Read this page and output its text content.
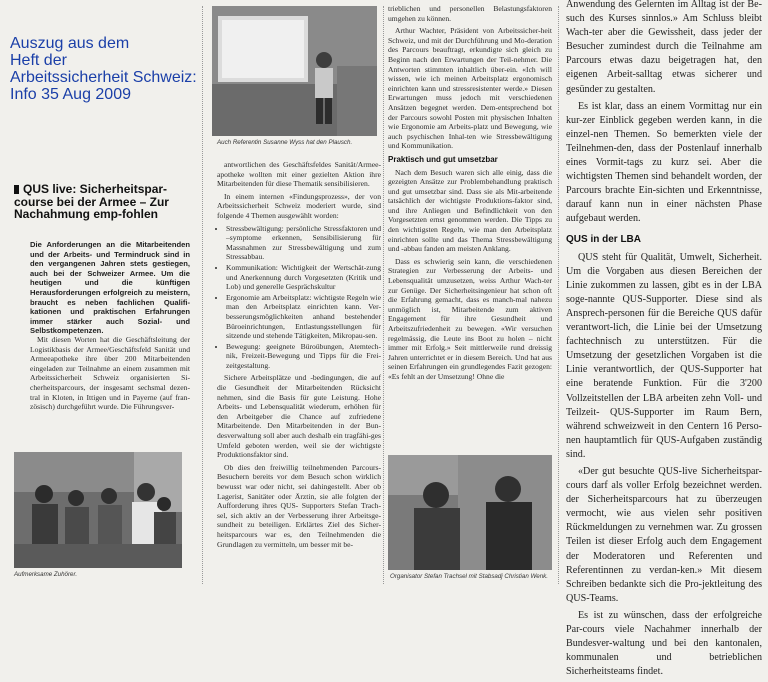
Auszug aus dem
Heft der
Arbeitssicherheit Schweiz:
Info 35 Aug 2009
QUS live: Sicherheitspar-course bei der Armee – Zur Nachahmung emp-fohlen
Die Anforderungen an die Mitarbeitenden und der Arbeits- und Termindruck sind in den vergangenen Jahren stets gestiegen, auch bei der Schweizer Armee. Um die heutigen und die künftigen Herausforderungen erfolgreich zu meistern, braucht es neben fachlichen Qualifi-kationen und praktischen Erfahrungen immer stärker auch Sozial- und Selbstkompetenzen.

Mit diesen Worten hat die Geschäftsleitung der Logistikbasis der Armee/Geschäftsfeld Sanität und Armeeapotheke ihre über 200 Mitarbeitenden eingeladen zur Teilnahme an einem zusammen mit Arbeitssicherheit Schweiz organisierten Si-cherheitsparcours, der insgesamt sechsmal dezen-tral in Kloten, in Ittigen und in Payerne (auf fran-zösisch) durchgeführt wurde. Die Führungsver-

Aufmerksame Zuhörer.
Auch Referentin Susanne Wyss hat den Plausch.

antwortlichen des Geschäftsfeldes Sanität/Armee-apotheke wollten mit einer gezielten Aktion ihre Mitarbeitenden für diese Thematik sensibilisieren.

In einem internen «Findungsprozess», der von Arbeitssicherheit Schweiz moderiert wurde, sind folgende 4 Themen ausgewählt worden:

• Stressbewältigung: persönliche Stressfaktoren und –symptome erkennen, Sensibilisierung für Massnahmen zur Stressbewältigung und zum Stressabbau.
• Kommunikation: Wichtigkeit der Wertschät-zung und Anerkennung durch Vorgesetzten (Kritik und Lob) und generelle Gesprächskultur
• Ergonomie am Arbeitsplatz: wichtigste Regeln wie man den Arbeitsplatz einrichten kann. Ver-besserungsmöglichkeiten anhand bestehender Büroeinrichtungen, Entlastungsstellungen für sitzende und stehende Tätigkeiten, Mikropau-sen.
• Bewegung: geeignete Büroübungen, Atemtech-nik, Freizeit-Bewegung und Tipps für die Frei-zeitgestaltung.

Sichere Arbeitsplätze und -bedingungen, die auf die Gesundheit der Mitarbeitenden Rücksicht nehmen, sind die Basis für gute Leistung. Hohe Arbeits- und Lebensqualität wiederum, erhöhen für den Arbeitgeber die Chance auf zufriedene Mitarbeitende. Den Mitarbeitenden in der Bun-desverwaltung soll aber auch deshalb ein tragfähi-ges Umfeld geboten werden, weil sie der wichtigste Produktionsfaktor sind.

Ob dies den freiwillig teilnehmenden Parcours-Besuchern bereits vor dem Besuch schon wirklich bewusst war oder nicht, sei dahingestellt. Aber ob Lagerist, Sanitäter oder Ärztin, sie alle folgten der Aufforderung ihres QUS- Supporters Stefan Trach-sel, sich aktiv an der Verbesserung ihrer Arbeitsge-sundheit zu beteiligen. Erklärtes Ziel des Sicher-heitsparcours war es, den Teilnehmenden die Grundlagen zu vermitteln, um besser mit be-

trieblichen und personellen Belastungsfaktoren umgehen zu können.

Arthur Wachter, Präsident von Arbeitssicher-heit Schweiz, und mit der Durchführung und Mo-deration des Parcours beauftragt, erkundigte sich gleich zu Beginn nach den Erwartungen der Teil-nehmer. Die Antworten stimmten inhaltlich über-ein. «Ich will wissen, wie ich meinen Arbeitsplatz ergonomisch einrichten kann und stressresistenter werde.» Diesen Erwartungen muss jedoch mit verschiedenen Ansätzen begegnet werden. Dem-entsprechend bot der Parcours sowohl Posten mit physischen Inhalten wie Ergonomie am Arbeits-platz und Bewegung, wie auch psychischen Inhal-ten wie Stressbewältigung und Kommunikation.

Praktisch und gut umsetzbar

Nach dem Besuch waren sich alle einig, dass die gezeigten Ansätze zur Problembehandlung praktisch und gut umsetzbar sind. Dass sie als Mit-arbeitende tatsächlich der wichtigste Produktions-faktor sind, und ihre Anliegen und Befindlichkeit von den Vorgesetzten ernst genommen werden. Die Tipps zu den wichtigsten Regeln, wie man den Arbeitsplatz einrichten sollte und das Thema Stressbewältigung und -abbau fanden am meisten Anklang.

Dass es schwierig sein kann, die verschiedenen Strategien zur Verbesserung der Arbeits- und Lebensqualität umzusetzen, weiss Arthur Wach-ter zur Genüge. Der Sicherheitsingenieur hat schon oft die Erfahrung gemacht, dass es manch-mal nahezu unmöglich ist, Mitarbeitende zum aktiven Engagement für ihre Gesundheit und Arbeitszufriedenheit zu bewegen. «Wir versuchen regelmässig, die Leute ins Boot zu holen – nicht immer mit Erfolg.» Seit mittlerweile rund dreissig Jahren unterrichtet er in diesem Bereich. Und hat aus seinen Erfahrungen ein grundlegendes Fazit gezogen: «Es fehlt an der Umsetzung! Ohne die

Organisator Stefan Trachsel mit Stabsadj Christian Wenk.

Anwendung des Gelernten im Alltag ist der Be-such des Kurses sinnlos.» Am Schluss bleibt Wach-ter aber die Gewissheit, dass jeder der Besucher zumindest durch die Teilnahme am Parcours etwas dazu beigetragen hat, den eigenen Arbeit-salltag etwas sicherer und gesünder zu gestalten.

Es ist klar, dass an einem Vormittag nur ein kur-zer Einblick gegeben werden kann, in die einzel-nen Themen. So bemerkten viele der Teilnehmen-den, dass der Postenlauf innerhalb eines Vormit-tags zu kurz sei. Aber die wichtigsten Themen sind behandelt worden, der Parcours brachte Ein-sichten und Erkenntnisse, darauf kann nun in einer nächsten Phase aufgebaut werden.

QUS in der LBA

QUS steht für Qualität, Umwelt, Sicherheit. Um die Vorgaben aus diesen Bereichen der Linie zukommen zu lassen, gibt es in der LBA soge-nannte QUS-Supporter. Diese sind als Ansprech-personen für die Bereiche QUS dafür verantwort-lich, die Linie bei der Umsetzung fachtechnisch zu unterstützen. Für die Umsetzung der gesetzlichen Vorgaben ist die Linie verantwortlich, der QUS-Supporter hat eine beratende Funktion. Für die 3'200 Vollzeitstellen der LBA arbeiten zehn Voll- und Teilzeit- QUS-Supporter im Raum Bern, während schweizweit in den Centern 16 Perso-nen hauptamtlich für QUS-Aufgaben zuständig sind.

«Der gut besuchte QUS-live Sicherheitspar-cours darf als voller Erfolg bezeichnet werden. der Sicherheitsparcours hat zu überzeugen vermocht, wie aus vielen sehr positiven Rückmeldungen zu vernehmen war. Zu grossen Teilen ist dieser Erfolg auch dem Engagement der Moderatoren und Referenten und Referentinnen zu verdan-ken.» Mit diesem Schreiben bedankte sich die Pro-jektleitung des QUS-Teams.

Es ist zu wünschen, dass der erfolgreiche Par-cours viele Nachahmer innerhalb der Bundesver-waltung und bei den kantonalen, kommunalen und betrieblichen Sicherheitsteams findet.
